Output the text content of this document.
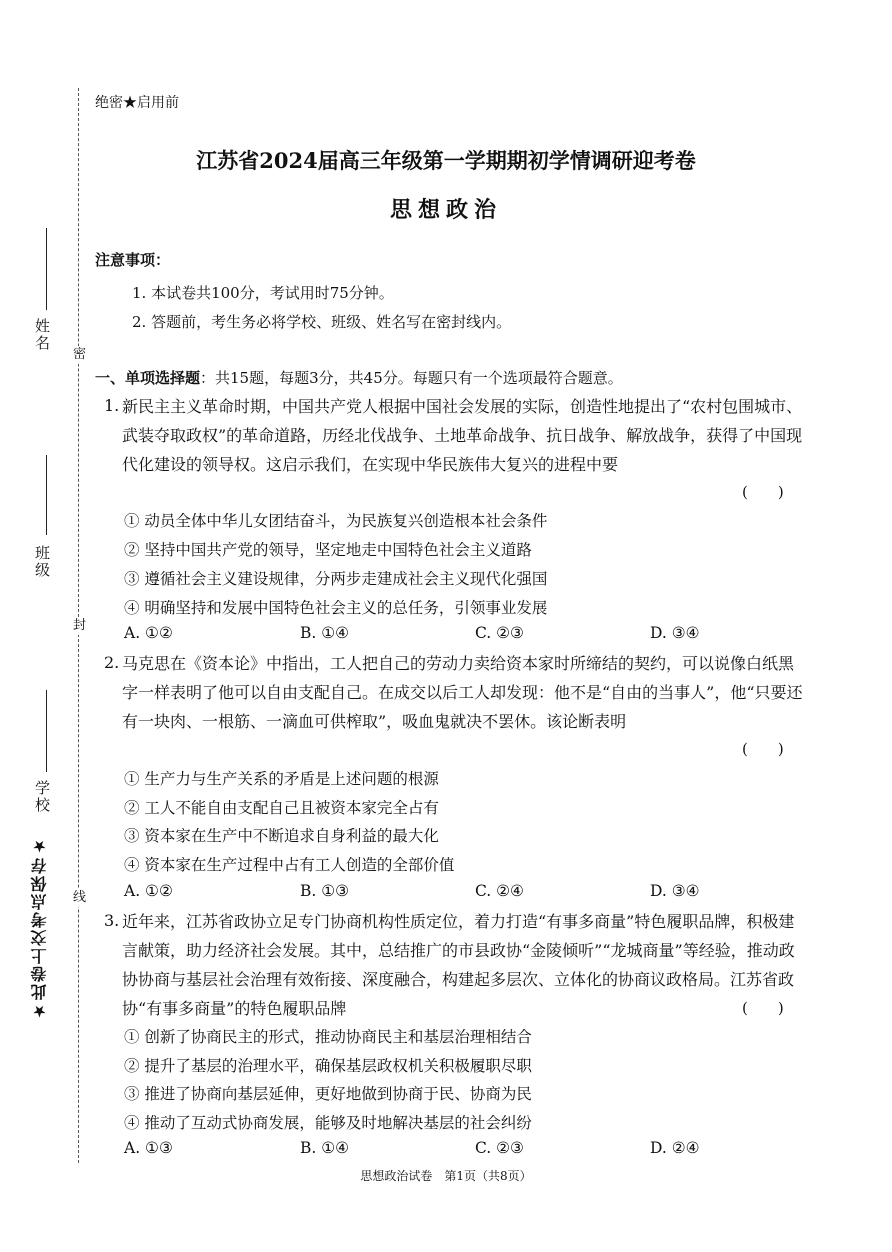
姓名
班级
学校
密
封
线
★此卷上交考点保存★
绝密★启用前
江苏省2024届高三年级第一学期期初学情调研迎考卷
思想政治
注意事项：
1. 本试卷共100分，考试用时75分钟。
2. 答题前，考生务必将学校、班级、姓名写在密封线内。
一、单项选择题：共15题，每题3分，共45分。每题只有一个选项最符合题意。
1. 新民主主义革命时期，中国共产党人根据中国社会发展的实际，创造性地提出了“农村包围城市、武装夺取政权”的革命道路，历经北伐战争、土地革命战争、抗日战争、解放战争，获得了中国现代化建设的领导权。这启示我们，在实现中华民族伟大复兴的进程中要
(　　)
① 动员全体中华儿女团结奋斗，为民族复兴创造根本社会条件
② 坚持中国共产党的领导，坚定地走中国特色社会主义道路
③ 遵循社会主义建设规律，分两步走建成社会主义现代化强国
④ 明确坚持和发展中国特色社会主义的总任务，引领事业发展
A. ①②	B. ①④	C. ②③	D. ③④
2. 马克思在《资本论》中指出，工人把自己的劳动力卖给资本家时所缔结的契约，可以说像白纸黑字一样表明了他可以自由支配自己。在成交以后工人却发现：他不是“自由的当事人”，他“只要还有一块肉、一根筋、一滴血可供榨取”，吸血鬼就决不罢休。该论断表明
(　　)
① 生产力与生产关系的矛盾是上述问题的根源
② 工人不能自由支配自己且被资本家完全占有
③ 资本家在生产中不断追求自身利益的最大化
④ 资本家在生产过程中占有工人创造的全部价值
A. ①②	B. ①③	C. ②④	D. ③④
3. 近年来，江苏省政协立足专门协商机构性质定位，着力打造“有事多商量”特色履职品牌，积极建言献策，助力经济社会发展。其中，总结推广的市县政协“金陵倾听”“龙城商量”等经验，推动政协协商与基层社会治理有效衔接、深度融合，构建起多层次、立体化的协商议政格局。江苏省政协“有事多商量”的特色履职品牌	(　　)
① 创新了协商民主的形式，推动协商民主和基层治理相结合
② 提升了基层的治理水平，确保基层政权机关积极履职尽职
③ 推进了协商向基层延伸，更好地做到协商于民、协商为民
④ 推动了互动式协商发展，能够及时地解决基层的社会纠纷
A. ①③	B. ①④	C. ②③	D. ②④
思想政治试卷　第1页（共8页）
